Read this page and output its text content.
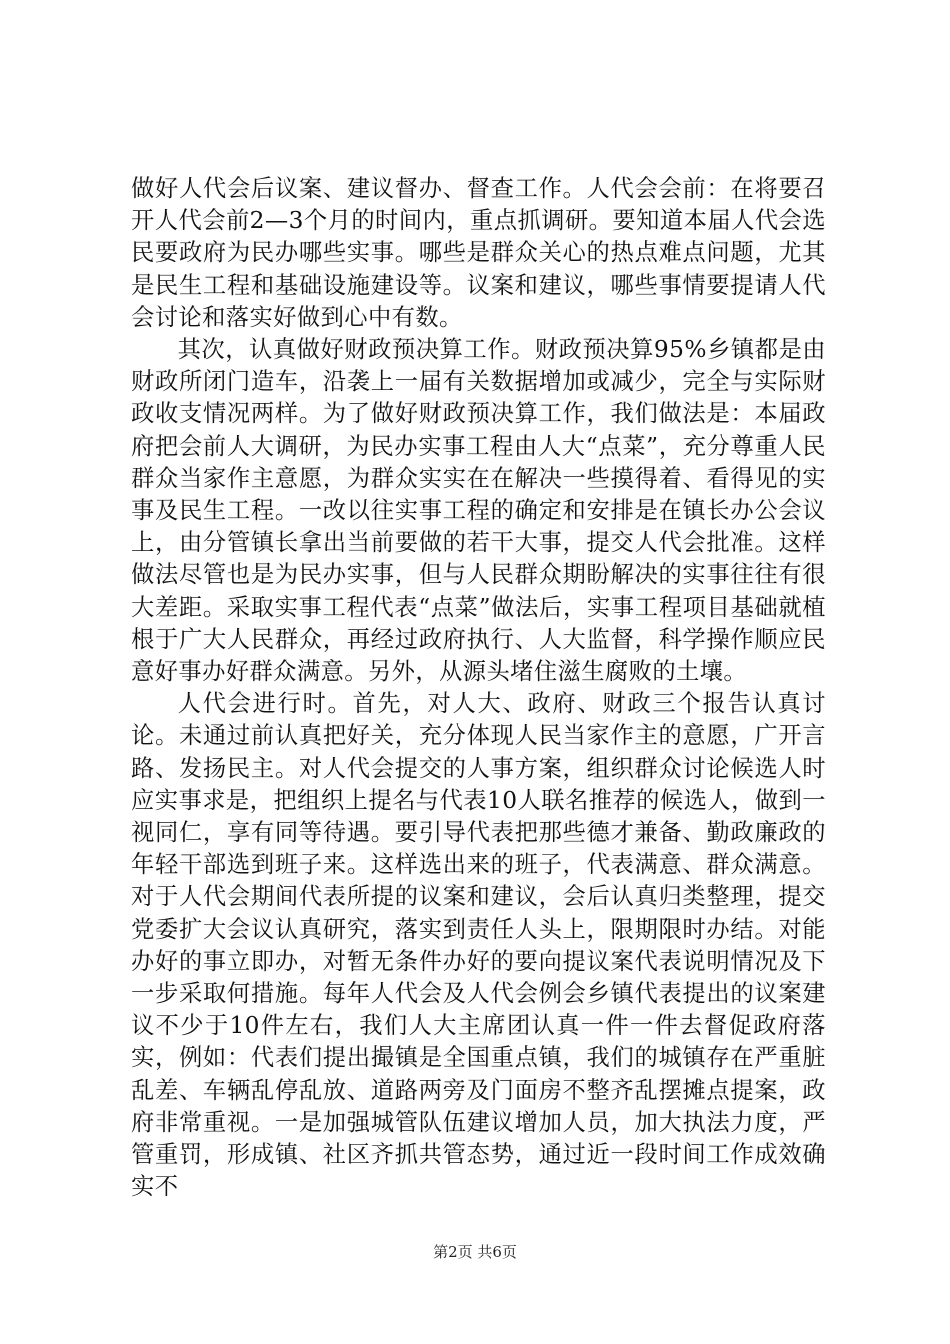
做好人代会后议案、建议督办、督查工作。人代会会前：在将要召开人代会前2—3个月的时间内，重点抓调研。要知道本届人代会选民要政府为民办哪些实事。哪些是群众关心的热点难点问题，尤其是民生工程和基础设施建设等。议案和建议，哪些事情要提请人代会讨论和落实好做到心中有数。

其次，认真做好财政预决算工作。财政预决算95%乡镇都是由财政所闭门造车，沿袭上一届有关数据增加或减少，完全与实际财政收支情况两样。为了做好财政预决算工作，我们做法是：本届政府把会前人大调研，为民办实事工程由人大“点菜”，充分尊重人民群众当家作主意愿，为群众实实在在解决一些摸得着、看得见的实事及民生工程。一改以往实事工程的确定和安排是在镇长办公会议上，由分管镇长拿出当前要做的若干大事，提交人代会批准。这样做法尽管也是为民办实事，但与人民群众期盼解决的实事往往有很大差距。采取实事工程代表“点菜”做法后，实事工程项目基础就植根于广大人民群众，再经过政府执行、人大监督，科学操作顺应民意好事办好群众满意。另外，从源头堵住滋生腐败的土壤。

人代会进行时。首先，对人大、政府、财政三个报告认真讨论。未通过前认真把好关，充分体现人民当家作主的意愿，广开言路、发扬民主。对人代会提交的人事方案，组织群众讨论候选人时应实事求是，把组织上提名与代表10人联名推荐的候选人，做到一视同仁，享有同等待遇。要引导代表把那些德才兼备、勤政廉政的年轻干部选到班子来。这样选出来的班子，代表满意、群众满意。对于人代会期间代表所提的议案和建议，会后认真归类整理，提交党委扩大会议认真研究，落实到责任人头上，限期限时办结。对能办好的事立即办，对暂无条件办好的要向提议案代表说明情况及下一步采取何措施。每年人代会及人代会例会乡镇代表提出的议案建议不少于10件左右，我们人大主席团认真一件一件去督促政府落实，例如：代表们提出撮镇是全国重点镇，我们的城镇存在严重脏乱差、车辆乱停乱放、道路两旁及门面房不整齐乱摆摊点提案，政府非常重视。一是加强城管队伍建议增加人员，加大执法力度，严管重罚，形成镇、社区齐抓共管态势，通过近一段时间工作成效确实不

第2页 共6页
